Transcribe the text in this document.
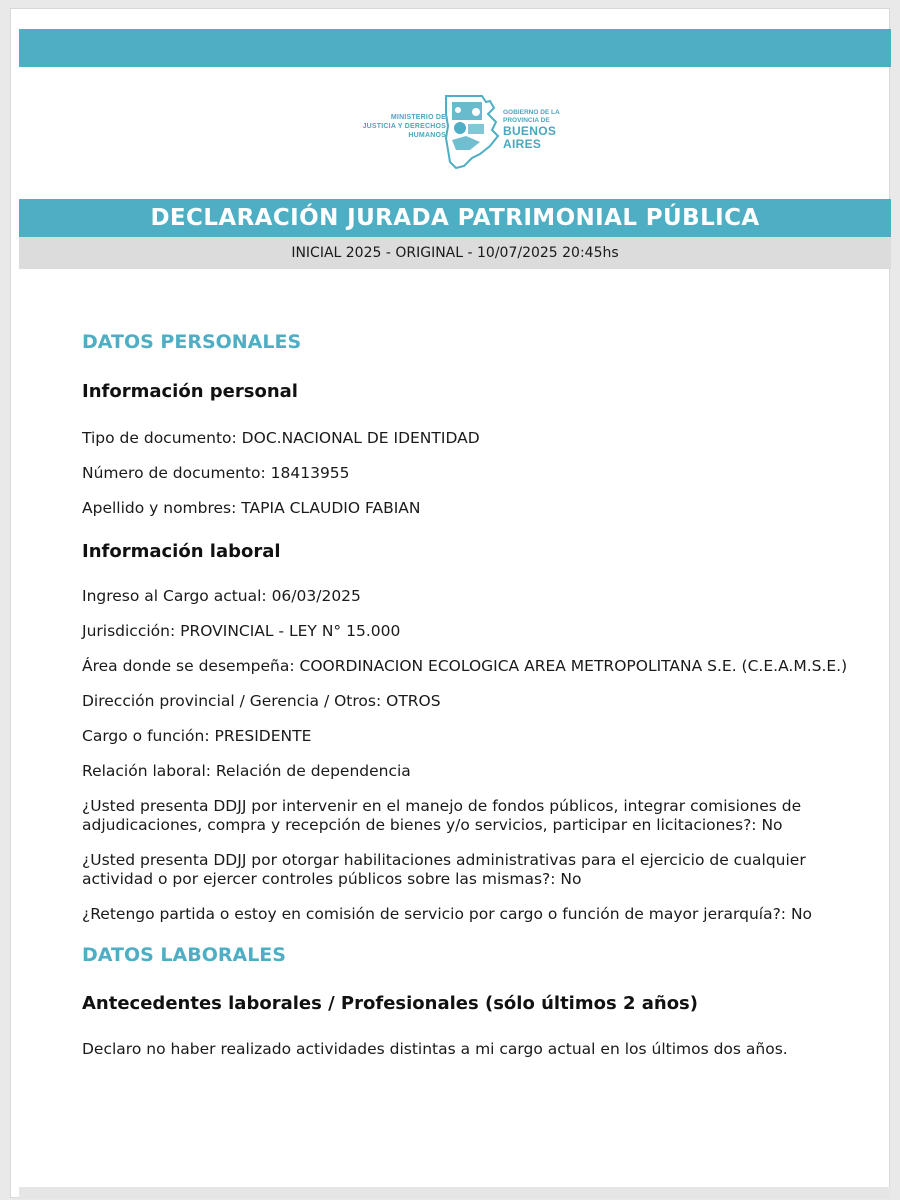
MINISTERIO DE
JUSTICIA Y DERECHOS
HUMANOS
GOBIERNO DE LA
PROVINCIA DE
BUENOS
AIRES
DECLARACIÓN JURADA PATRIMONIAL PÚBLICA
INICIAL 2025 - ORIGINAL - 10/07/2025 20:45hs

DATOS PERSONALES

Información personal

Tipo de documento: DOC.NACIONAL DE IDENTIDAD

Número de documento: 18413955

Apellido y nombres: TAPIA CLAUDIO FABIAN

Información laboral

Ingreso al Cargo actual: 06/03/2025

Jurisdicción: PROVINCIAL - LEY N° 15.000

Área donde se desempeña: COORDINACION ECOLOGICA AREA METROPOLITANA S.E. (C.E.A.M.S.E.)

Dirección provincial / Gerencia / Otros: OTROS

Cargo o función: PRESIDENTE

Relación laboral: Relación de dependencia

¿Usted presenta DDJJ por intervenir en el manejo de fondos públicos, integrar comisiones de adjudicaciones, compra y recepción de bienes y/o servicios, participar en licitaciones?: No

¿Usted presenta DDJJ por otorgar habilitaciones administrativas para el ejercicio de cualquier actividad o por ejercer controles públicos sobre las mismas?: No

¿Retengo partida o estoy en comisión de servicio por cargo o función de mayor jerarquía?: No

DATOS LABORALES

Antecedentes laborales / Profesionales (sólo últimos 2 años)

Declaro no haber realizado actividades distintas a mi cargo actual en los últimos dos años.
